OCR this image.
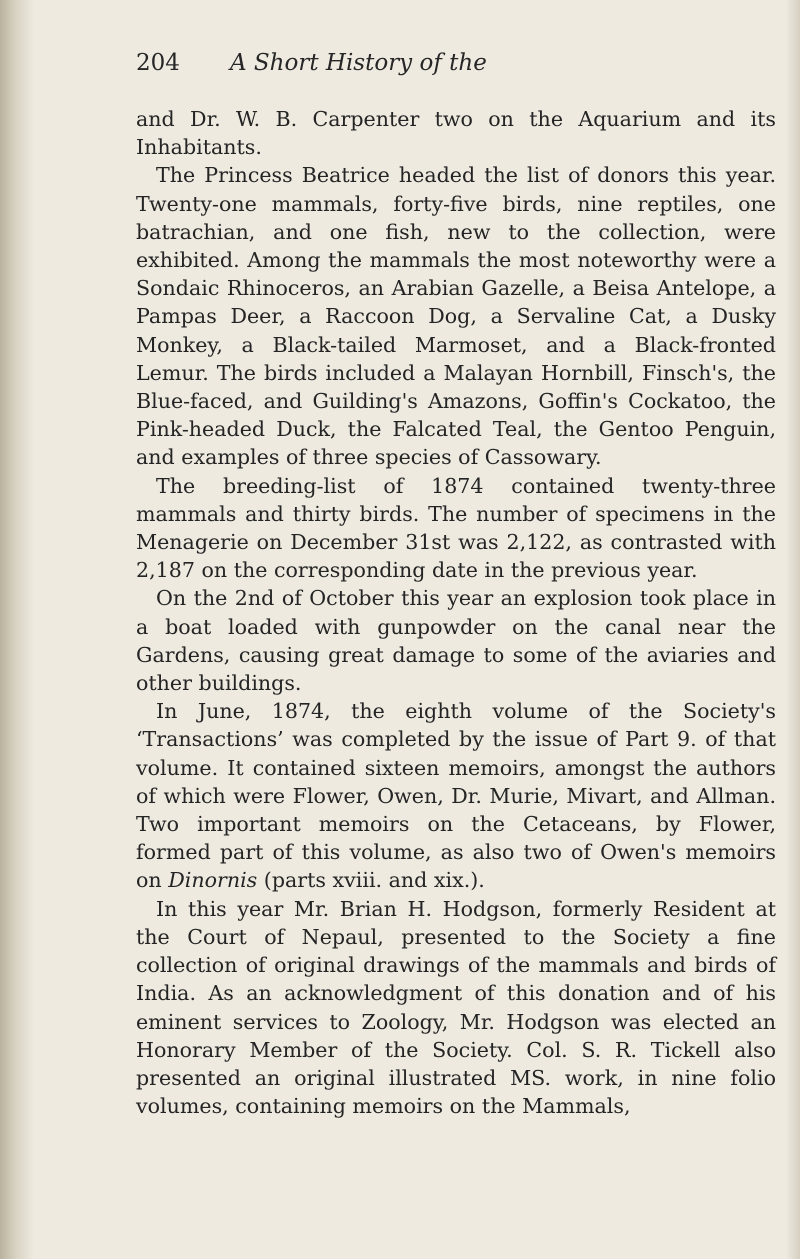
204 A Short History of the

and Dr. W. B. Carpenter two on the Aquarium and its Inhabitants.

The Princess Beatrice headed the list of donors this year. Twenty-one mammals, forty-five birds, nine reptiles, one batrachian, and one fish, new to the collection, were exhibited. Among the mammals the most noteworthy were a Sondaic Rhinoceros, an Arabian Gazelle, a Beisa Antelope, a Pampas Deer, a Raccoon Dog, a Servaline Cat, a Dusky Monkey, a Black-tailed Marmoset, and a Black-fronted Lemur. The birds included a Malayan Hornbill, Finsch's, the Blue-faced, and Guilding's Amazons, Goffin's Cockatoo, the Pink-headed Duck, the Falcated Teal, the Gentoo Penguin, and examples of three species of Cassowary.

The breeding-list of 1874 contained twenty-three mammals and thirty birds. The number of specimens in the Menagerie on December 31st was 2,122, as contrasted with 2,187 on the corresponding date in the previous year.

On the 2nd of October this year an explosion took place in a boat loaded with gunpowder on the canal near the Gardens, causing great damage to some of the aviaries and other buildings.

In June, 1874, the eighth volume of the Society's ‘Transactions’ was completed by the issue of Part 9. of that volume. It contained sixteen memoirs, amongst the authors of which were Flower, Owen, Dr. Murie, Mivart, and Allman. Two important memoirs on the Cetaceans, by Flower, formed part of this volume, as also two of Owen's memoirs on Dinornis (parts xviii. and xix.).

In this year Mr. Brian H. Hodgson, formerly Resident at the Court of Nepaul, presented to the Society a fine collection of original drawings of the mammals and birds of India. As an acknowledgment of this donation and of his eminent services to Zoology, Mr. Hodgson was elected an Honorary Member of the Society. Col. S. R. Tickell also presented an original illustrated MS. work, in nine folio volumes, containing memoirs on the Mammals,
